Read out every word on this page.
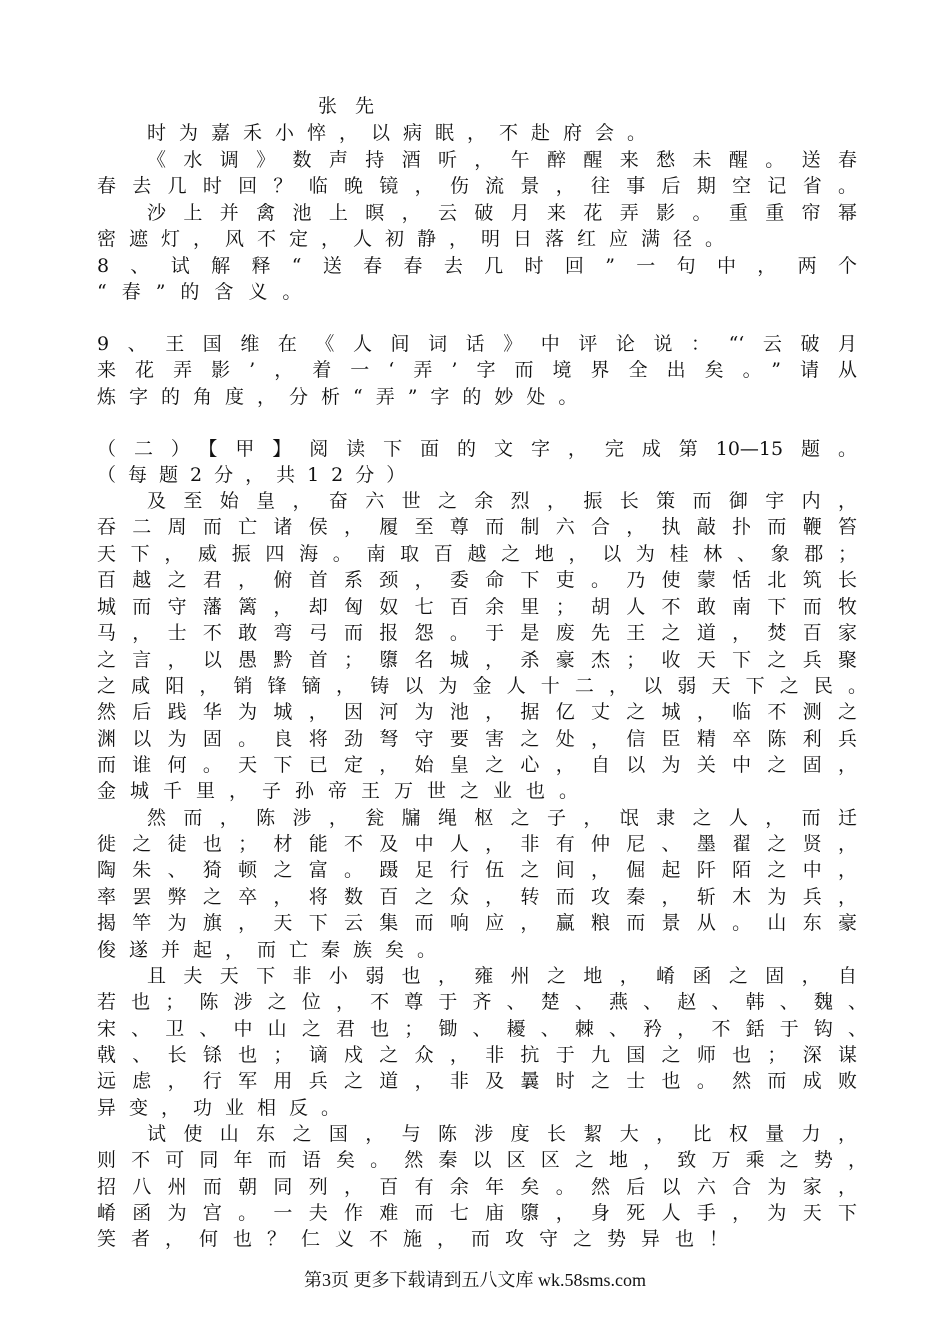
张先
时为嘉禾小悴，以病眠，不赴府会。
《水调》数声持酒听，午醉醒来愁未醒。送春
春去几时回？临晚镜，伤流景，往事后期空记省。
沙上并禽池上暝，云破月来花弄影。重重帘幂
密遮灯，风不定，人初静，明日落红应满径。
8、试解释“送春春去几时回”一句中，两个
“春”的含义。
9、王国维在《人间词话》中评论说：“‘云破月
来花弄影’，着一‘弄’字而境界全出矣。”请从
炼字的角度，分析“弄”字的妙处。
（二）【甲】阅读下面的文字，完成第10—15题。
（每题2分，共12分）
及至始皇，奋六世之余烈，振长策而御宇内，
吞二周而亡诸侯，履至尊而制六合，执敲扑而鞭笞
天下，威振四海。南取百越之地，以为桂林、象郡；
百越之君，俯首系颈，委命下吏。乃使蒙恬北筑长
城而守藩篱，却匈奴七百余里；胡人不敢南下而牧
马，士不敢弯弓而报怨。于是废先王之道，焚百家
之言，以愚黔首；隳名城，杀豪杰；收天下之兵聚
之咸阳，销锋镝，铸以为金人十二，以弱天下之民。
然后践华为城，因河为池，据亿丈之城，临不测之
渊以为固。良将劲弩守要害之处，信臣精卒陈利兵
而谁何。天下已定，始皇之心，自以为关中之固，
金城千里，子孙帝王万世之业也。
然而，陈涉，瓮牖绳枢之子，氓隶之人，而迁
徙之徒也；材能不及中人，非有仲尼、墨翟之贤，
陶朱、猗顿之富。蹑足行伍之间，倔起阡陌之中，
率罢弊之卒，将数百之众，转而攻秦，斩木为兵，
揭竿为旗，天下云集而响应，赢粮而景从。山东豪
俊遂并起，而亡秦族矣。
且夫天下非小弱也，雍州之地，崤函之固，自
若也；陈涉之位，不尊于齐、楚、燕、赵、韩、魏、
宋、卫、中山之君也；锄、耰、棘、矜，不銛于钩、
戟、长铩也；谪戍之众，非抗于九国之师也；深谋
远虑，行军用兵之道，非及曩时之士也。然而成败
异变，功业相反。
试使山东之国，与陈涉度长絜大，比权量力，
则不可同年而语矣。然秦以区区之地，致万乘之势，
招八州而朝同列，百有余年矣。然后以六合为家，
崤函为宫。一夫作难而七庙隳，身死人手，为天下
笑者，何也？仁义不施，而攻守之势异也！
第3页 更多下载请到五八文库 wk.58sms.com
